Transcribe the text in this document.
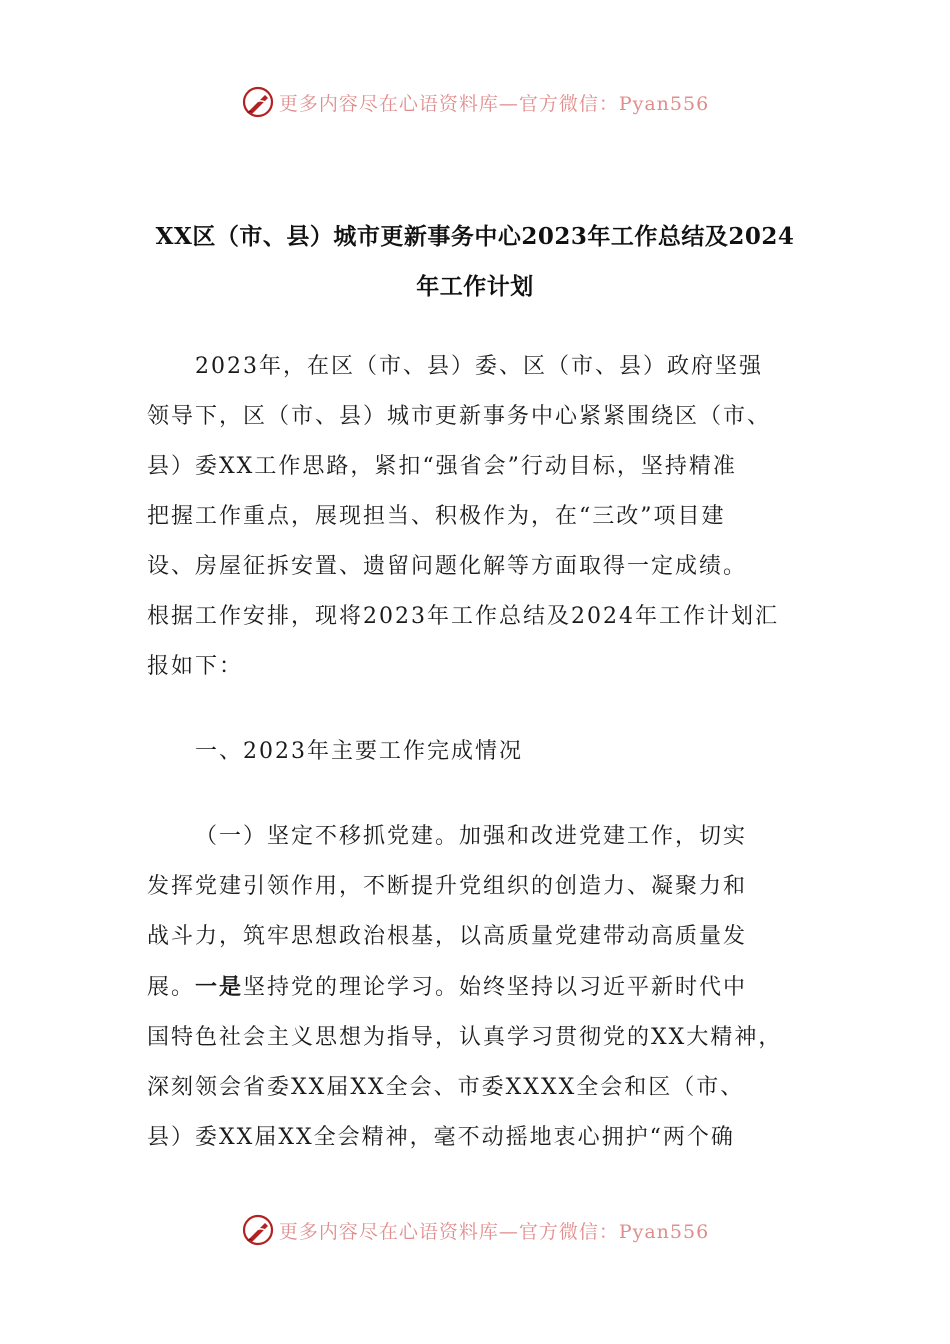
更多内容尽在心语资料库—官方微信：Pyan556
XX区（市、县）城市更新事务中心2023年工作总结及2024
年工作计划
2023年，在区（市、县）委、区（市、县）政府坚强
领导下，区（市、县）城市更新事务中心紧紧围绕区（市、
县）委XX工作思路，紧扣“强省会”行动目标，坚持精准
把握工作重点，展现担当、积极作为，在“三改”项目建
设、房屋征拆安置、遗留问题化解等方面取得一定成绩。
根据工作安排，现将2023年工作总结及2024年工作计划汇
报如下：
一、2023年主要工作完成情况
（一）坚定不移抓党建。加强和改进党建工作，切实
发挥党建引领作用，不断提升党组织的创造力、凝聚力和
战斗力，筑牢思想政治根基，以高质量党建带动高质量发
展。一是坚持党的理论学习。始终坚持以习近平新时代中
国特色社会主义思想为指导，认真学习贯彻党的XX大精神，
深刻领会省委XX届XX全会、市委XXXX全会和区（市、
县）委XX届XX全会精神，毫不动摇地衷心拥护“两个确
更多内容尽在心语资料库—官方微信：Pyan556
